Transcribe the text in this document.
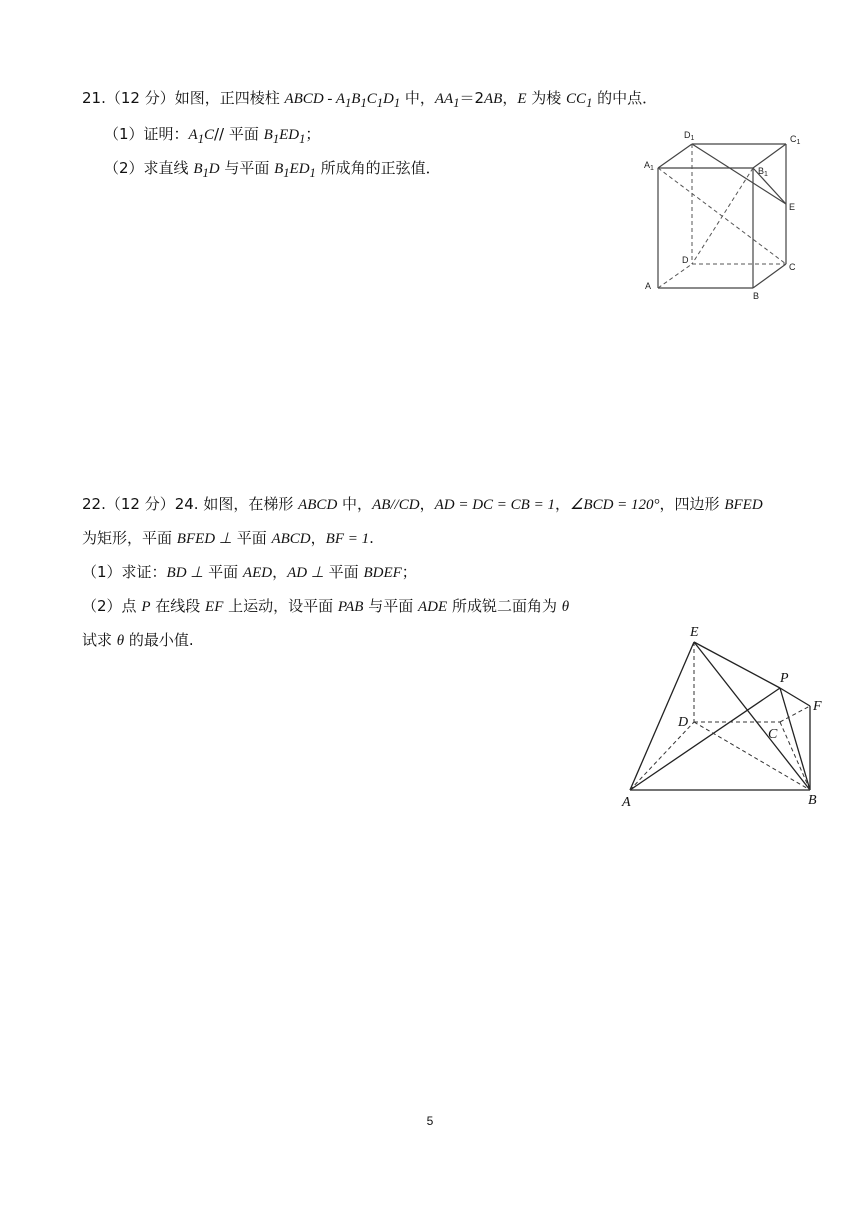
21.（12 分）如图，正四棱柱 ABCD - $A_1B_1C_1D_1$ 中，$AA_1=2AB$，E 为棱 $CC_1$ 的中点．
（1）证明：$A_1C//$ 平面 $B_1ED_1$；
（2）求直线 $B_1D$ 与平面 $B_1ED_1$ 所成角的正弦值．
$D_1$	$C_1$
$A_1$	$B_1$
E
D
C
A
B
22.（12 分）24. 如图，在梯形 ABCD 中，AB//CD，AD = DC = CB = 1，∠BCD = 120°，四边形 BFED
为矩形，平面 BFED ⊥ 平面 ABCD，BF = 1.
（1）求证：BD ⊥ 平面 AED，AD ⊥ 平面 BDEF；
（2）点 P 在线段 EF 上运动，设平面 PAB 与平面 ADE 所成锐二面角为 θ
试求 θ 的最小值.	E
P
F
D
C
A	B
5
